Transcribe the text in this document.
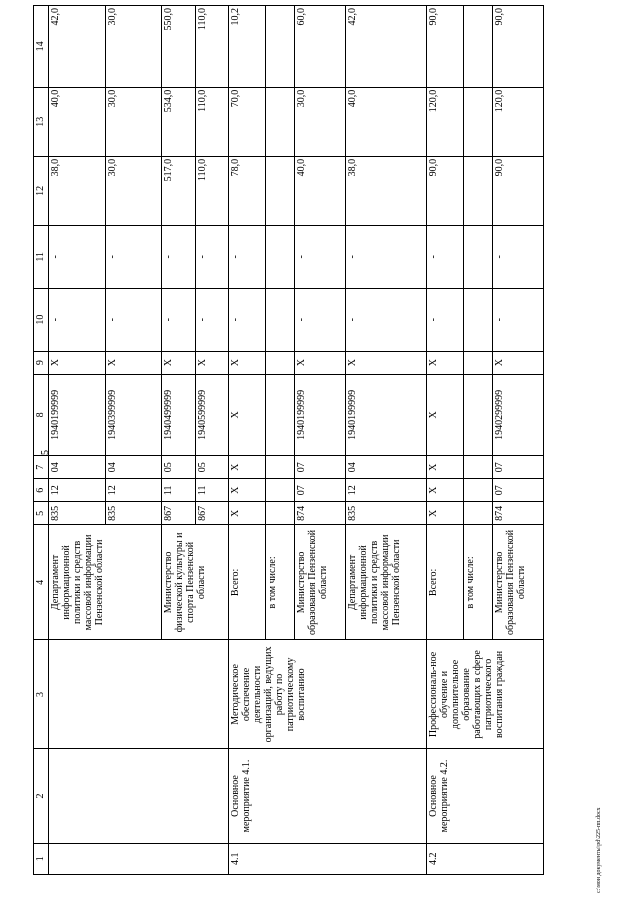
5
1	2	3	4	5	6	7	8	9	10	11	12	13	14
			Департамент информационной политики и средств массовой информации Пензенской области	835	12	04	1940199999	X	-	-	38,0	40,0	42,0
				835	12	04	1940399999	X	-	-	30,0	30,0	30,0
			Министерство физической культуры и спорта Пензенской области	867	11	05	1940499999	X	-	-	517,0	534,0	550,0
				867	11	05	1940599999	X	-	-	110,0	110,0	110,0
4.1	Основное мероприятие 4.1.	Методическое обеспечение деятельности организаций, ведущих работу по патриотическому воспитанию	Всего:	X	X	X	X	X	-	-	78,0	70,0	10,2
			в том числе:										
			Министерство образования Пензенской области	874	07	07	1940199999	X	-	-	40,0	30,0	60,0
			Департамент информационной политики и средств массовой информации Пензенской области	835	12	04	1940199999	X	-	-	38,0	40,0	42,0
4.2	Основное мероприятие 4.2.	Профессиональ-ное обучение и дополнительное образование работающих в сфере патриотического воспитания граждан	Всего:	X	X	X	X	X	-	-	90,0	120,0	90,0
			в том числе:										
			Министерство образования Пензенской области	874	07	07	1940299999	X	-	-	90,0	120,0	90,0
c:\мои документы\pd\225-пп.docx
